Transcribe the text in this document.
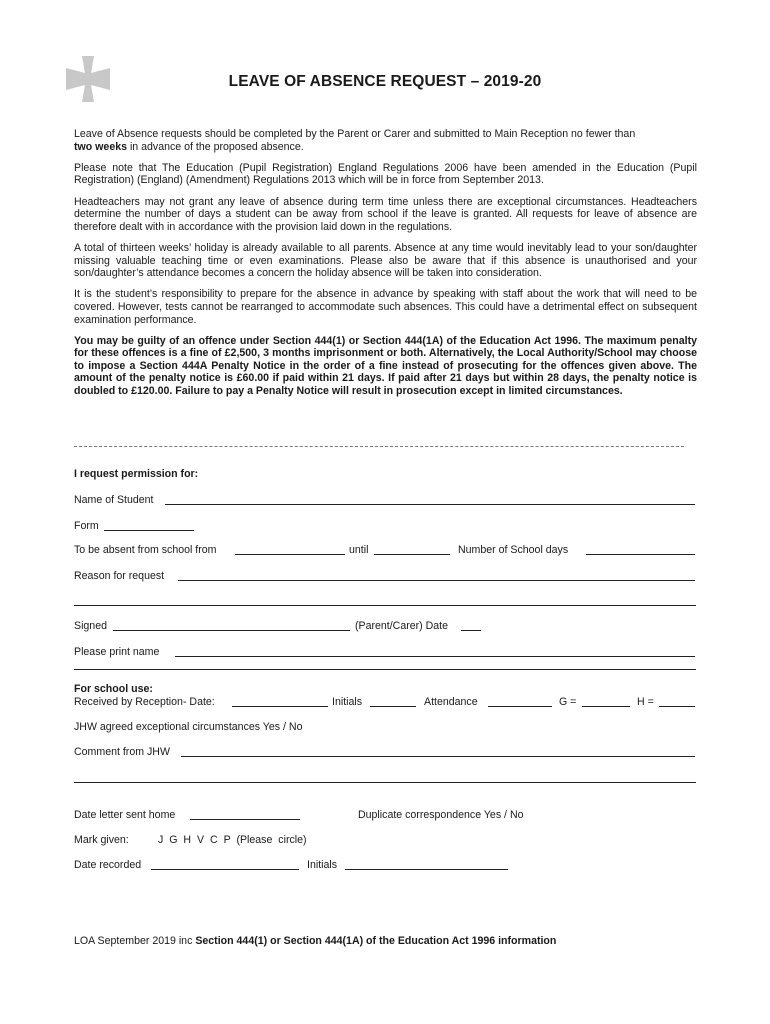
LEAVE OF ABSENCE REQUEST – 2019-20

Leave of Absence requests should be completed by the Parent or Carer and submitted to Main Reception no fewer than
two weeks in advance of the proposed absence.

Please note that The Education (Pupil Registration) England Regulations 2006 have been amended in the Education (Pupil Registration) (England) (Amendment) Regulations 2013 which will be in force from September 2013.

Headteachers may not grant any leave of absence during term time unless there are exceptional circumstances. Headteachers determine the number of days a student can be away from school if the leave is granted. All requests for leave of absence are therefore dealt with in accordance with the provision laid down in the regulations.

A total of thirteen weeks’ holiday is already available to all parents. Absence at any time would inevitably lead to your son/daughter missing valuable teaching time or even examinations. Please also be aware that if this absence is unauthorised and your son/daughter’s attendance becomes a concern the holiday absence will be taken into consideration.

It is the student’s responsibility to prepare for the absence in advance by speaking with staff about the work that will need to be covered. However, tests cannot be rearranged to accommodate such absences. This could have a detrimental effect on subsequent examination performance.

You may be guilty of an offence under Section 444(1) or Section 444(1A) of the Education Act 1996. The maximum penalty for these offences is a fine of £2,500, 3 months imprisonment or both. Alternatively, the Local Authority/School may choose to impose a Section 444A Penalty Notice in the order of a fine instead of prosecuting for the offences given above. The amount of the penalty notice is £60.00 if paid within 21 days. If paid after 21 days but within 28 days, the penalty notice is doubled to £120.00. Failure to pay a Penalty Notice will result in prosecution except in limited circumstances.

I request permission for:
Name of Student
Form
To be absent from school from	until	Number of School days
Reason for request
Signed	(Parent/Carer) Date
Please print name
For school use:
Received by Reception- Date:	Initials	Attendance	G =	H =
JHW agreed exceptional circumstances Yes / No
Comment from JHW
Date letter sent home	Duplicate correspondence Yes / No
Mark given:	J G H V C P (Please circle)
Date recorded	Initials
LOA September 2019 inc Section 444(1) or Section 444(1A) of the Education Act 1996 information
